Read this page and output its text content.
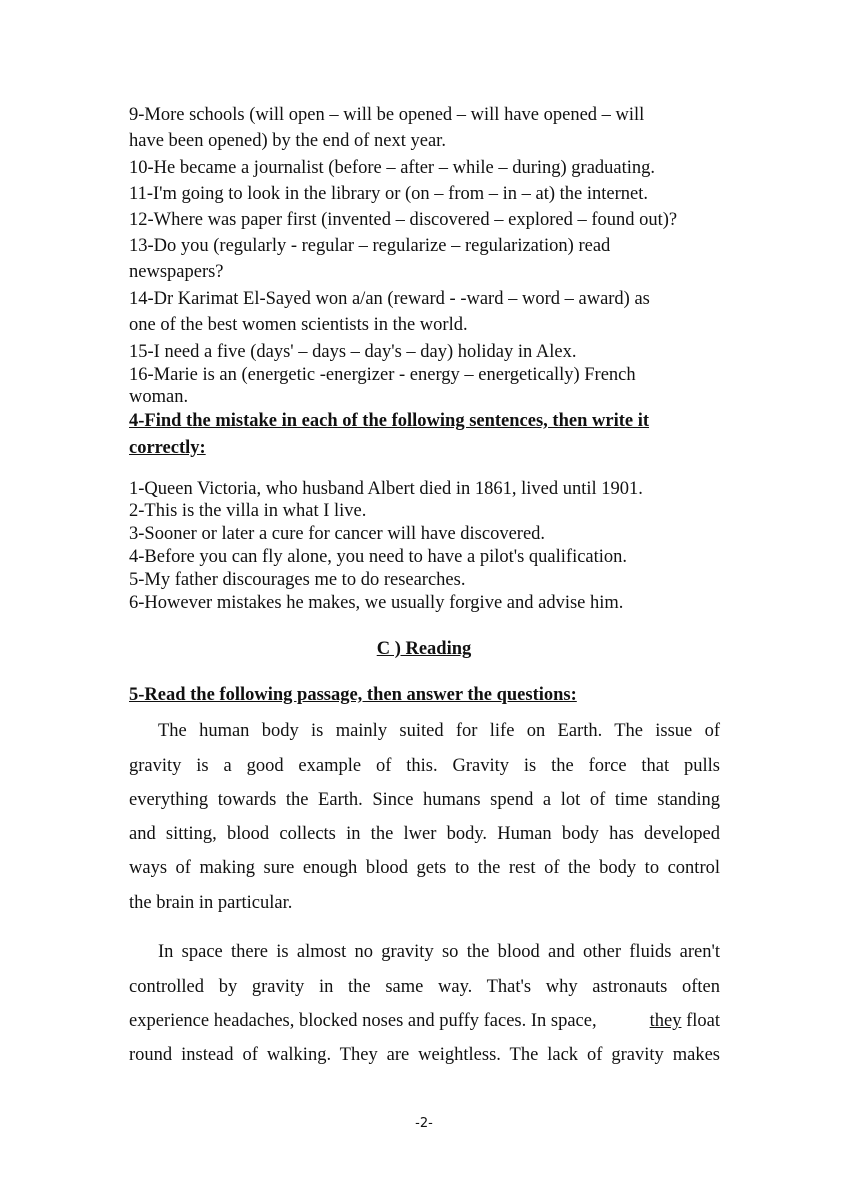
9-More schools (will open – will be opened – will have opened – will
have been opened) by the end of next year.
10-He became a journalist (before – after – while – during) graduating.
11-I'm going to look in the library or (on – from – in – at) the internet.
12-Where was paper first (invented – discovered – explored – found out)?
13-Do you (regularly - regular – regularize – regularization) read
newspapers?
14-Dr Karimat El-Sayed won a/an (reward - -ward – word – award) as
one of the best women scientists in the world.
15-I need a five (days' – days – day's – day) holiday in Alex.
16-Marie is an (energetic -energizer - energy – energetically) French
woman.
4-Find the mistake in each of the following sentences, then write it
correctly:
1-Queen Victoria, who husband Albert died in 1861, lived until 1901.
2-This is the villa in what I live.
3-Sooner or later a cure for cancer will have discovered.
4-Before you can fly alone, you need to have a pilot's qualification.
5-My father discourages me to do researches.
6-However mistakes he makes, we usually forgive and advise him.
C ) Reading
5-Read the following passage, then answer the questions:
The human body is mainly suited for life on Earth. The issue of
gravity is a good example of this. Gravity is the force that pulls
everything towards the Earth. Since humans spend a lot of time standing
and sitting, blood collects in the lwer body. Human body has developed
ways of making sure enough blood gets to the rest of the body to control
the brain in particular.
In space there is almost no gravity so the blood and other fluids aren't
controlled by gravity in the same way. That's why astronauts often
experience headaches, blocked noses and puffy faces. In space,	they float
round instead of walking. They are weightless. The lack of gravity makes
-2-
